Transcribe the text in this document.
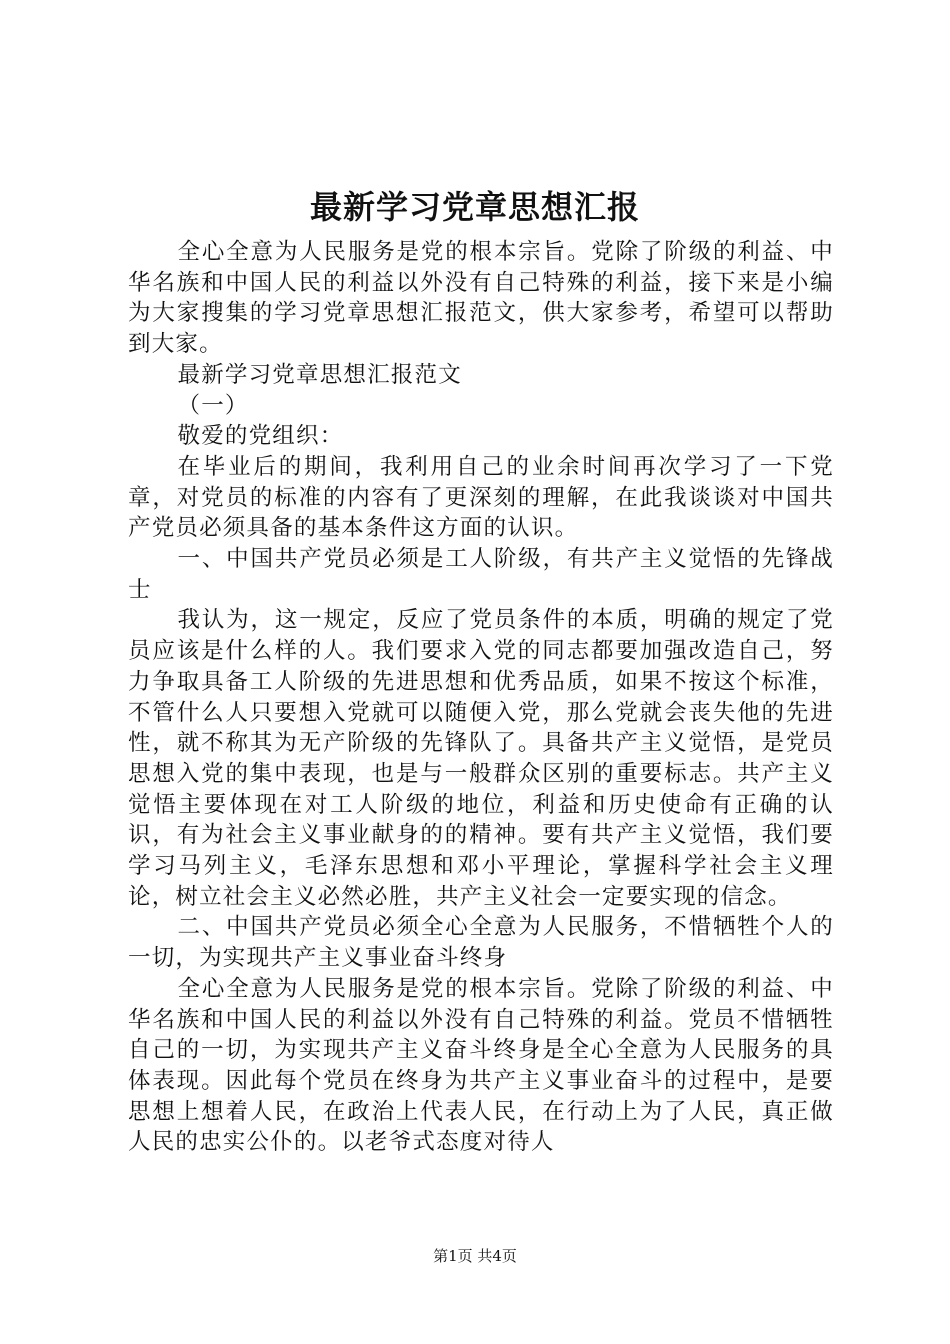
最新学习党章思想汇报

全心全意为人民服务是党的根本宗旨。党除了阶级的利益、中华名族和中国人民的利益以外没有自己特殊的利益，接下来是小编为大家搜集的学习党章思想汇报范文，供大家参考，希望可以帮助到大家。

最新学习党章思想汇报范文

（一）

敬爱的党组织：

在毕业后的期间，我利用自己的业余时间再次学习了一下党章，对党员的标准的内容有了更深刻的理解，在此我谈谈对中国共产党员必须具备的基本条件这方面的认识。

一、中国共产党员必须是工人阶级，有共产主义觉悟的先锋战士

我认为，这一规定，反应了党员条件的本质，明确的规定了党员应该是什么样的人。我们要求入党的同志都要加强改造自己，努力争取具备工人阶级的先进思想和优秀品质，如果不按这个标准，不管什么人只要想入党就可以随便入党，那么党就会丧失他的先进性，就不称其为无产阶级的先锋队了。具备共产主义觉悟，是党员思想入党的集中表现，也是与一般群众区别的重要标志。共产主义觉悟主要体现在对工人阶级的地位，利益和历史使命有正确的认识，有为社会主义事业献身的的精神。要有共产主义觉悟，我们要学习马列主义，毛泽东思想和邓小平理论，掌握科学社会主义理论，树立社会主义必然必胜，共产主义社会一定要实现的信念。

二、中国共产党员必须全心全意为人民服务，不惜牺牲个人的一切，为实现共产主义事业奋斗终身

全心全意为人民服务是党的根本宗旨。党除了阶级的利益、中华名族和中国人民的利益以外没有自己特殊的利益。党员不惜牺牲自己的一切，为实现共产主义奋斗终身是全心全意为人民服务的具体表现。因此每个党员在终身为共产主义事业奋斗的过程中，是要思想上想着人民，在政治上代表人民，在行动上为了人民，真正做人民的忠实公仆的。以老爷式态度对待人

第1页 共4页
